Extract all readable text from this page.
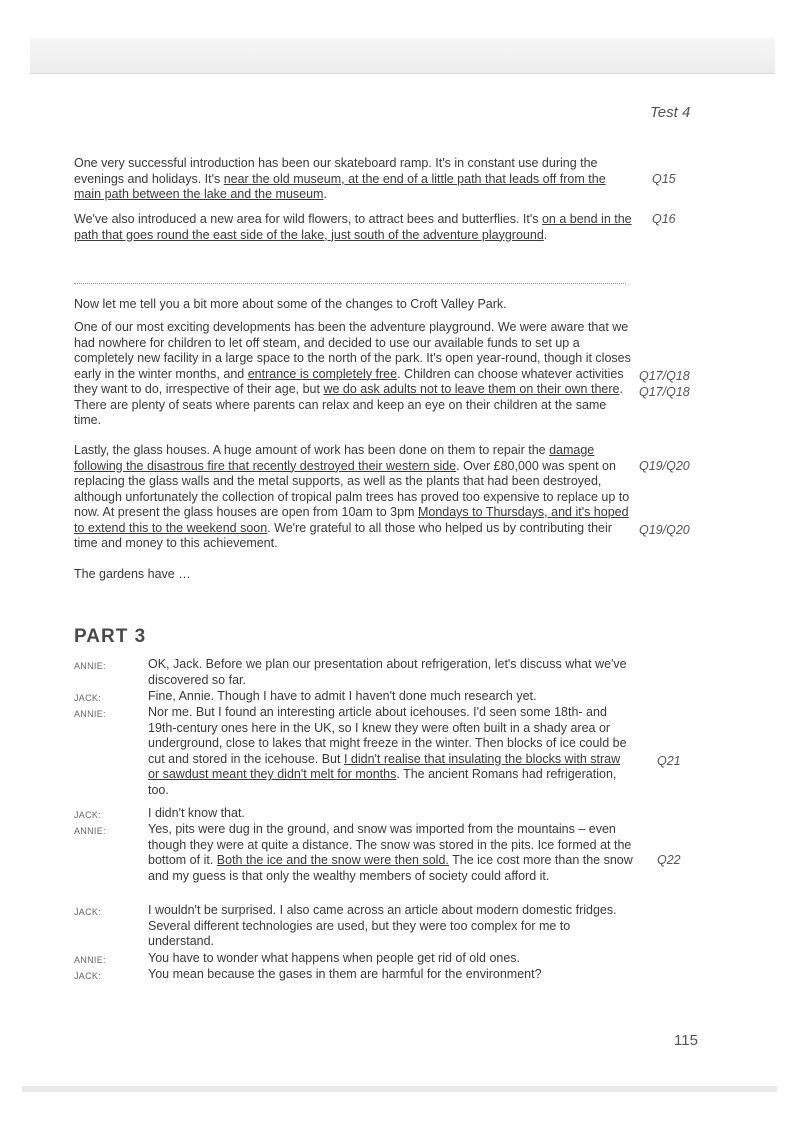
Test 4

One very successful introduction has been our skateboard ramp. It's in constant use during the evenings and holidays. It's near the old museum, at the end of a little path that leads off from the main path between the lake and the museum.

Q15

We've also introduced a new area for wild flowers, to attract bees and butterflies. It's on a bend in the path that goes round the east side of the lake, just south of the adventure playground.

Q16
Now let me tell you a bit more about some of the changes to Croft Valley Park.

One of our most exciting developments has been the adventure playground. We were aware that we had nowhere for children to let off steam, and decided to use our available funds to set up a completely new facility in a large space to the north of the park. It's open year-round, though it closes early in the winter months, and entrance is completely free. Children can choose whatever activities they want to do, irrespective of their age, but we do ask adults not to leave them on their own there. There are plenty of seats where parents can relax and keep an eye on their children at the same time.

Q17/Q18
Q17/Q18

Lastly, the glass houses. A huge amount of work has been done on them to repair the damage following the disastrous fire that recently destroyed their western side. Over £80,000 was spent on replacing the glass walls and the metal supports, as well as the plants that had been destroyed, although unfortunately the collection of tropical palm trees has proved too expensive to replace up to now. At present the glass houses are open from 10am to 3pm Mondays to Thursdays, and it's hoped to extend this to the weekend soon. We're grateful to all those who helped us by contributing their time and money to this achievement.

Q19/Q20
Q19/Q20
The gardens have …
PART 3
ANNIE:	OK, Jack. Before we plan our presentation about refrigeration, let's discuss what we've discovered so far.
JACK:	Fine, Annie. Though I have to admit I haven't done much research yet.
ANNIE:	Nor me. But I found an interesting article about icehouses. I'd seen some 18th- and 19th-century ones here in the UK, so I knew they were often built in a shady area or underground, close to lakes that might freeze in the winter. Then blocks of ice could be cut and stored in the icehouse. But I didn't realise that insulating the blocks with straw or sawdust meant they didn't melt for months. The ancient Romans had refrigeration, too.
Q21
JACK:	I didn't know that.
ANNIE:	Yes, pits were dug in the ground, and snow was imported from the mountains – even though they were at quite a distance. The snow was stored in the pits. Ice formed at the bottom of it. Both the ice and the snow were then sold. The ice cost more than the snow and my guess is that only the wealthy members of society could afford it.
Q22
JACK:	I wouldn't be surprised. I also came across an article about modern domestic fridges. Several different technologies are used, but they were too complex for me to understand.
ANNIE:	You have to wonder what happens when people get rid of old ones.
JACK:	You mean because the gases in them are harmful for the environment?
115
